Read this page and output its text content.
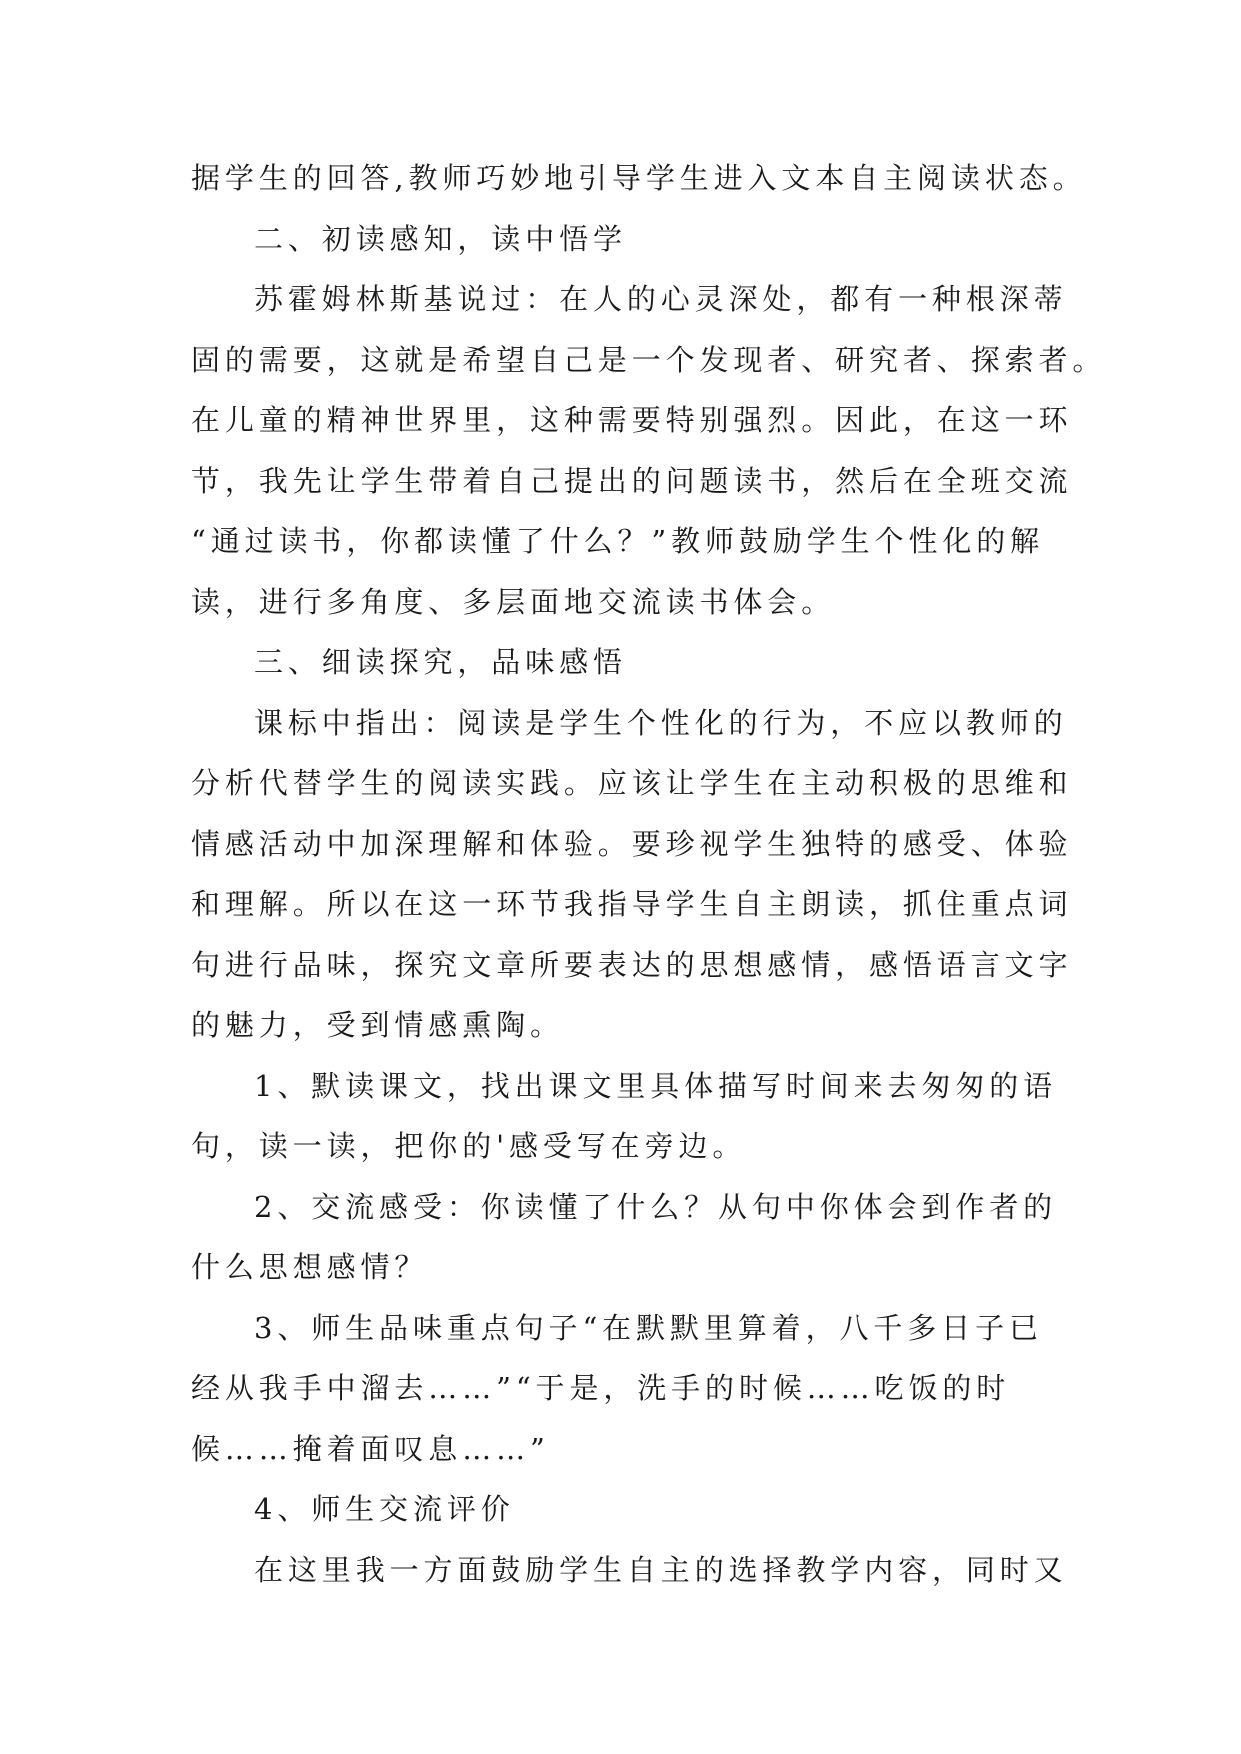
据学生的回答,教师巧妙地引导学生进入文本自主阅读状态。
二、初读感知，读中悟学
苏霍姆林斯基说过：在人的心灵深处，都有一种根深蒂
固的需要，这就是希望自己是一个发现者、研究者、探索者。
在儿童的精神世界里，这种需要特别强烈。因此，在这一环
节，我先让学生带着自己提出的问题读书，然后在全班交流
“通过读书，你都读懂了什么？”教师鼓励学生个性化的解
读，进行多角度、多层面地交流读书体会。
三、细读探究，品味感悟
课标中指出：阅读是学生个性化的行为，不应以教师的
分析代替学生的阅读实践。应该让学生在主动积极的思维和
情感活动中加深理解和体验。要珍视学生独特的感受、体验
和理解。所以在这一环节我指导学生自主朗读，抓住重点词
句进行品味，探究文章所要表达的思想感情，感悟语言文字
的魅力，受到情感熏陶。
1、默读课文，找出课文里具体描写时间来去匆匆的语
句，读一读，把你的'感受写在旁边。
2、交流感受：你读懂了什么？从句中你体会到作者的
什么思想感情？
3、师生品味重点句子“在默默里算着，八千多日子已
经从我手中溜去……”“于是，洗手的时候……吃饭的时
候……掩着面叹息……”
4、师生交流评价
在这里我一方面鼓励学生自主的选择教学内容，同时又
